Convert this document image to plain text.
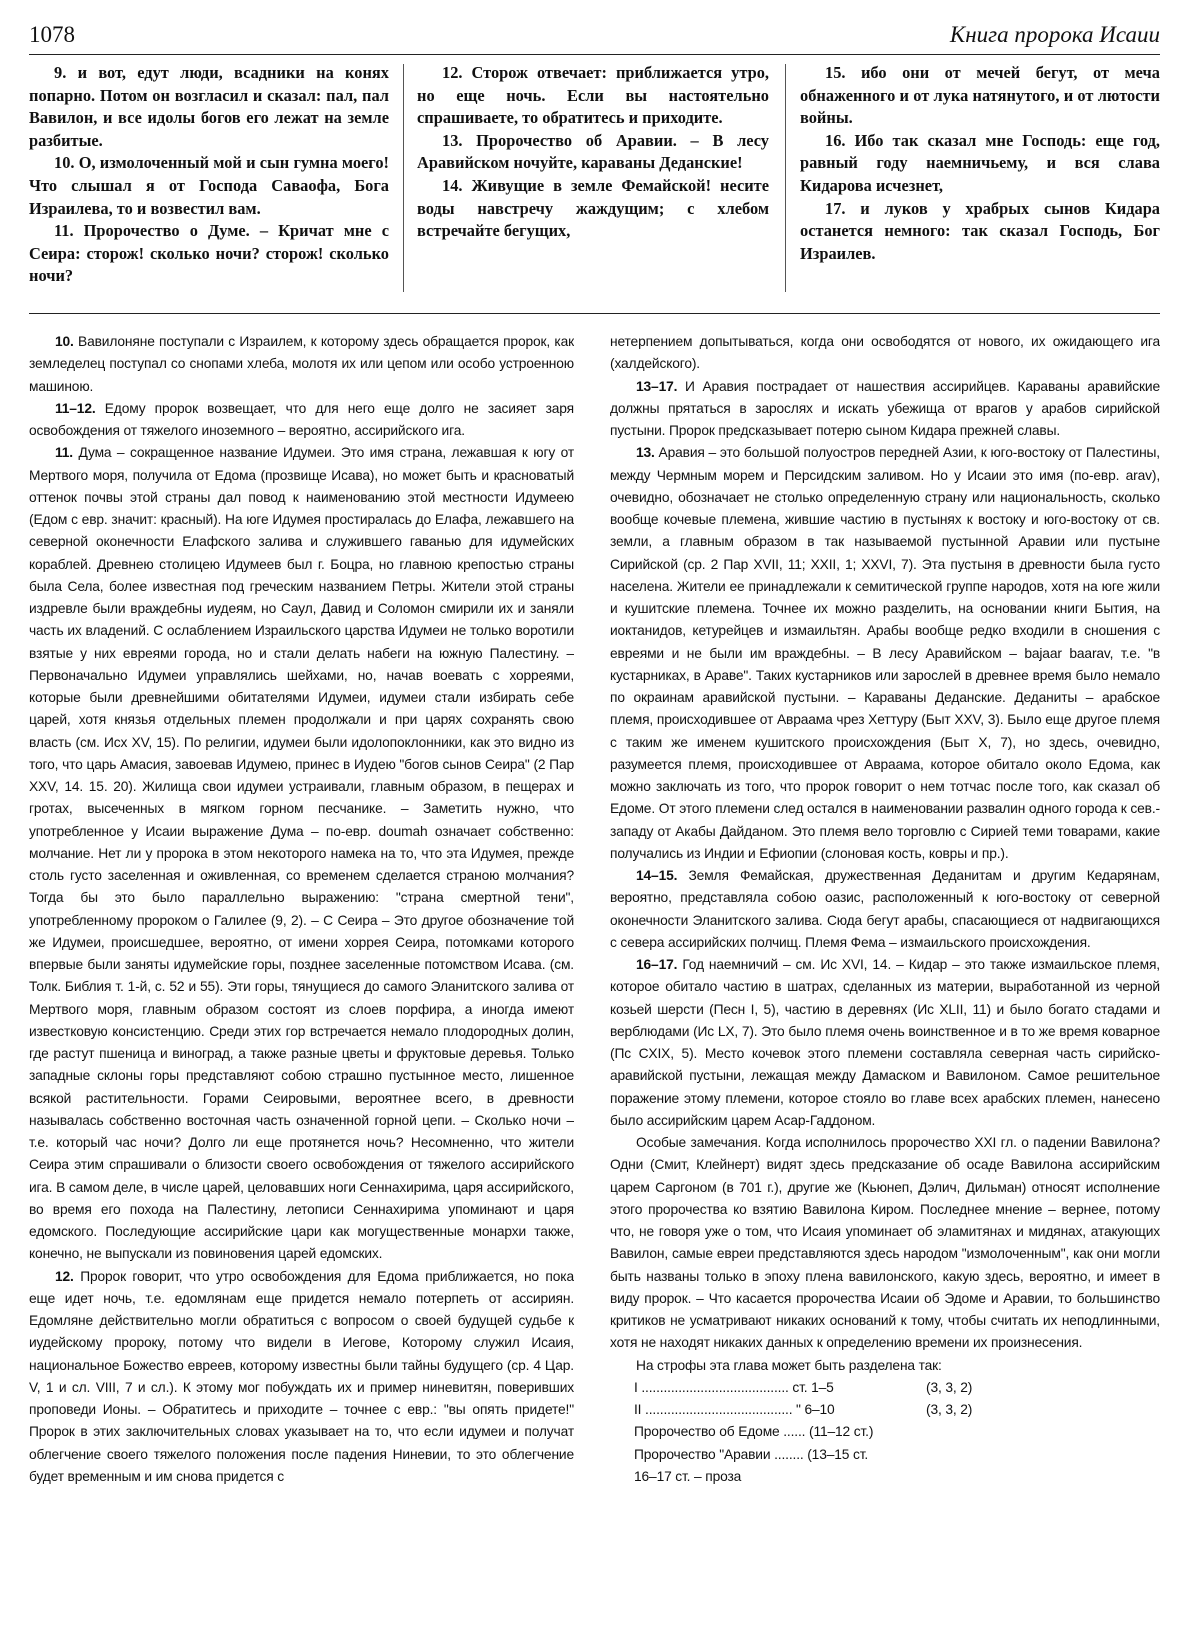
1078	Книга пророка Исаии

9. и вот, едут люди, всадники на конях попарно. Потом он возгласил и сказал: пал, пал Вавилон, и все идолы богов его лежат на земле разбитые.

10. О, измолоченный мой и сын гумна моего! Что слышал я от Господа Саваофа, Бога Израилева, то и возвестил вам.

11. Пророчество о Думе. – Кричат мне с Сеира: сторож! сколько ночи? сторож! сколько ночи?

12. Сторож отвечает: приближается утро, но еще ночь. Если вы настоятельно спрашиваете, то обратитесь и приходите.

13. Пророчество об Аравии. – В лесу Аравийском ночуйте, караваны Деданские!

14. Живущие в земле Фемайской! несите воды навстречу жаждущим; с хлебом встречайте бегущих,

15. ибо они от мечей бегут, от меча обнаженного и от лука натянутого, и от лютости войны.

16. Ибо так сказал мне Господь: еще год, равный году наемничьему, и вся слава Кидарова исчезнет,

17. и луков у храбрых сынов Кидара останется немного: так сказал Господь, Бог Израилев.

10. Вавилоняне поступали с Израилем, к которому здесь обращается пророк, как земледелец поступал со снопами хлеба, молотя их или цепом или особо устроенною машиною.

11–12. Едому пророк возвещает, что для него еще долго не засияет заря освобождения от тяжелого иноземного – вероятно, ассирийского ига.

11. Дума – сокращенное название Идумеи. Это имя страна, лежавшая к югу от Мертвого моря, получила от Едома (прозвище Исава), но может быть и красноватый оттенок почвы этой страны дал повод к наименованию этой местности Идумеею (Едом с евр. значит: красный). На юге Идумея простиралась до Елафа, лежавшего на северной оконечности Елафского залива и служившего гаванью для идумейских кораблей. Древнею столицею Идумеев был г. Боцра, но главною крепостью страны была Села, более известная под греческим названием Петры. Жители этой страны издревле были враждебны иудеям, но Саул, Давид и Соломон смирили их и заняли часть их владений. С ослаблением Израильского царства Идумеи не только воротили взятые у них евреями города, но и стали делать набеги на южную Палестину. – Первоначально Идумеи управлялись шейхами, но, начав воевать с хорреями, которые были древнейшими обитателями Идумеи, идумеи стали избирать себе царей, хотя князья отдельных племен продолжали и при царях сохранять свою власть (см. Исх XV, 15). По религии, идумеи были идолопоклонники, как это видно из того, что царь Амасия, завоевав Идумею, принес в Иудею "богов сынов Сеира" (2 Пар XXV, 14. 15. 20). Жилища свои идумеи устраивали, главным образом, в пещерах и гротах, высеченных в мягком горном песчанике. – Заметить нужно, что употребленное у Исаии выражение Дума – по-евр. doumah означает собственно: молчание. Нет ли у пророка в этом некоторого намека на то, что эта Идумея, прежде столь густо заселенная и оживленная, со временем сделается страною молчания? Тогда бы это было параллельно выражению: "страна смертной тени", употребленному пророком о Галилее (9, 2). – С Сеира – Это другое обозначение той же Идумеи, происшедшее, вероятно, от имени хоррея Сеира, потомками которого впервые были заняты идумейские горы, позднее заселенные потомством Исава. (см. Толк. Библия т. 1-й, с. 52 и 55). Эти горы, тянущиеся до самого Эланитского залива от Мертвого моря, главным образом состоят из слоев порфира, а иногда имеют известковую консистенцию. Среди этих гор встречается немало плодородных долин, где растут пшеница и виноград, а также разные цветы и фруктовые деревья. Только западные склоны горы представляют собою страшно пустынное место, лишенное всякой растительности. Горами Сеировыми, вероятнее всего, в древности называлась собственно восточная часть означенной горной цепи. – Сколько ночи – т.е. который час ночи? Долго ли еще протянется ночь? Несомненно, что жители Сеира этим спрашивали о близости своего освобождения от тяжелого ассирийского ига. В самом деле, в числе царей, целовавших ноги Сеннахирима, царя ассирийского, во время его похода на Палестину, летописи Сеннахирима упоминают и царя едомского. Последующие ассирийские цари как могущественные монархи также, конечно, не выпускали из повиновения царей едомских.

12. Пророк говорит, что утро освобождения для Едома приближается, но пока еще идет ночь, т.е. едомлянам еще придется немало потерпеть от ассириян. Едомляне действительно могли обратиться с вопросом о своей будущей судьбе к иудейскому пророку, потому что видели в Иегове, Которому служил Исаия, национальное Божество евреев, которому известны были тайны будущего (ср. 4 Цар. V, 1 и сл. VIII, 7 и сл.). К этому мог побуждать их и пример ниневитян, поверивших проповеди Ионы. – Обратитесь и приходите – точнее с евр.: "вы опять придете!" Пророк в этих заключительных словах указывает на то, что если идумеи и получат облегчение своего тяжелого положения после падения Ниневии, то это облегчение будет временным и им снова придется с

нетерпением допытываться, когда они освободятся от нового, их ожидающего ига (халдейского).

13–17. И Аравия пострадает от нашествия ассирийцев. Караваны аравийские должны прятаться в зарослях и искать убежища от врагов у арабов сирийской пустыни. Пророк предсказывает потерю сыном Кидара прежней славы.

13. Аравия – это большой полуостров передней Азии, к юго-востоку от Палестины, между Чермным морем и Персидским заливом. Но у Исаии это имя (по-евр. arav), очевидно, обозначает не столько определенную страну или национальность, сколько вообще кочевые племена, жившие частию в пустынях к востоку и юго-востоку от св. земли, а главным образом в так называемой пустынной Аравии или пустыне Сирийской (ср. 2 Пар XVII, 11; XXII, 1; XXVI, 7). Эта пустыня в древности была густо населена. Жители ее принадлежали к семитической группе народов, хотя на юге жили и кушитские племена. Точнее их можно разделить, на основании книги Бытия, на иоктанидов, кетурейцев и измаильтян. Арабы вообще редко входили в сношения с евреями и не были им враждебны. – В лесу Аравийском – bajaar baarav, т.е. "в кустарниках, в Араве". Таких кустарников или зарослей в древнее время было немало по окраинам аравийской пустыни. – Караваны Деданские. Деданиты – арабское племя, происходившее от Авраама чрез Хеттуру (Быт XXV, 3). Было еще другое племя с таким же именем кушитского происхождения (Быт X, 7), но здесь, очевидно, разумеется племя, происходившее от Авраама, которое обитало около Едома, как можно заключать из того, что пророк говорит о нем тотчас после того, как сказал об Едоме. От этого племени след остался в наименовании развалин одного города к сев.-западу от Акабы Дайданом. Это племя вело торговлю с Сирией теми товарами, какие получались из Индии и Ефиопии (слоновая кость, ковры и пр.).

14–15. Земля Фемайская, дружественная Деданитам и другим Кедарянам, вероятно, представляла собою оазис, расположенный к юго-востоку от северной оконечности Эланитского залива. Сюда бегут арабы, спасающиеся от надвигающихся с севера ассирийских полчищ. Племя Фема – измаильского происхождения.

16–17. Год наемничий – см. Ис XVI, 14. – Кидар – это также измаильское племя, которое обитало частию в шатрах, сделанных из материи, выработанной из черной козьей шерсти (Песн I, 5), частию в деревнях (Ис XLII, 11) и было богато стадами и верблюдами (Ис LX, 7). Это было племя очень воинственное и в то же время коварное (Пс CXIX, 5). Место кочевок этого племени составляла северная часть сирийско-аравийской пустыни, лежащая между Дамаском и Вавилоном. Самое решительное поражение этому племени, которое стояло во главе всех арабских племен, нанесено было ассирийским царем Асар-Гаддоном.

Особые замечания. Когда исполнилось пророчество XXI гл. о падении Вавилона? Одни (Смит, Клейнерт) видят здесь предсказание об осаде Вавилона ассирийским царем Саргоном (в 701 г.), другие же (Кьюнеп, Дэлич, Дильман) относят исполнение этого пророчества ко взятию Вавилона Киром. Последнее мнение – вернее, потому что, не говоря уже о том, что Исаия упоминает об эламитянах и мидянах, атакующих Вавилон, самые евреи представляются здесь народом "измолоченным", как они могли быть названы только в эпоху плена вавилонского, какую здесь, вероятно, и имеет в виду пророк. – Что касается пророчества Исаии об Эдоме и Аравии, то большинство критиков не усматривают никаких оснований к тому, чтобы считать их неподлинными, хотя не находят никаких данных к определению времени их произнесения.

На строфы эта глава может быть разделена так:

I ........................................ ст. 1–5	(3, 3, 2)
II ........................................ " 6–10	(3, 3, 2)
Пророчество об Едоме ...... (11–12 ст.)
Пророчество "Аравии ........ (13–15 ст.
16–17 ст. – проза
